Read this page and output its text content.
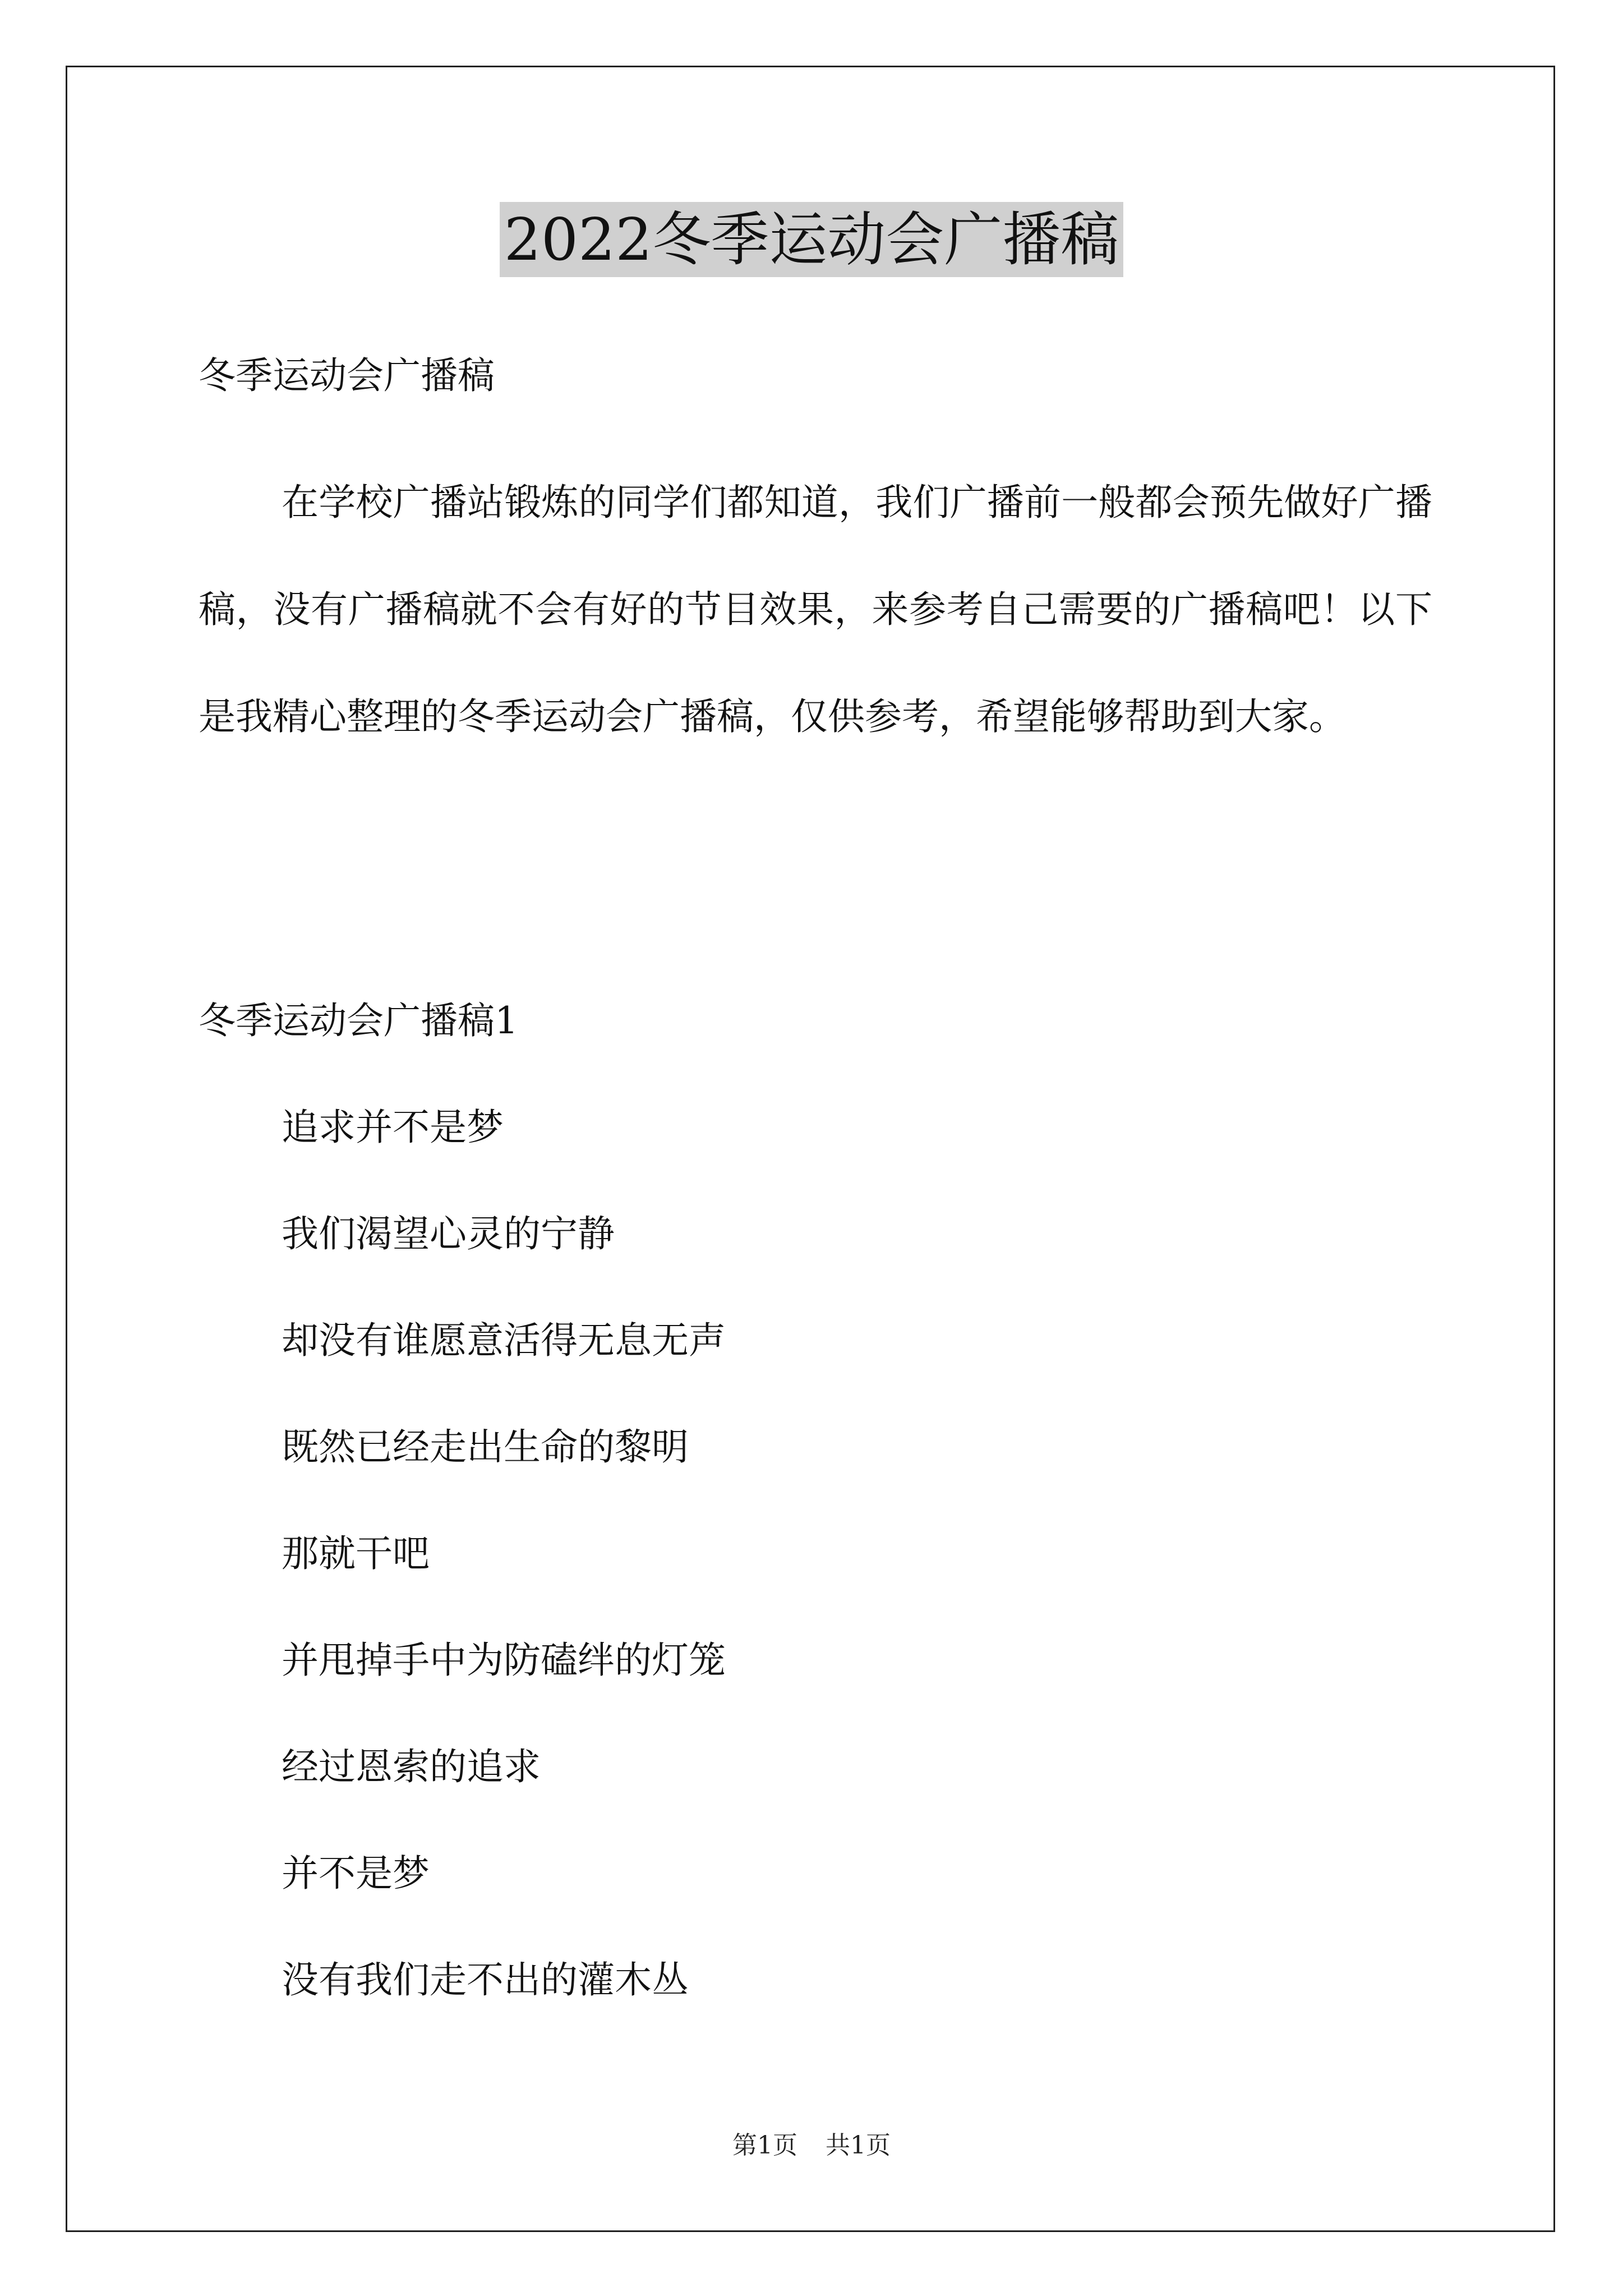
2022冬季运动会广播稿
冬季运动会广播稿

在学校广播站锻炼的同学们都知道，我们广播前一般都会预先做好广播稿，没有广播稿就不会有好的节目效果，来参考自己需要的广播稿吧！以下是我精心整理的冬季运动会广播稿，仅供参考，希望能够帮助到大家。

冬季运动会广播稿1
追求并不是梦
我们渴望心灵的宁静
却没有谁愿意活得无息无声
既然已经走出生命的黎明
那就干吧
并甩掉手中为防磕绊的灯笼
经过恩索的追求
并不是梦
没有我们走不出的灌木丛
第1页 共1页
